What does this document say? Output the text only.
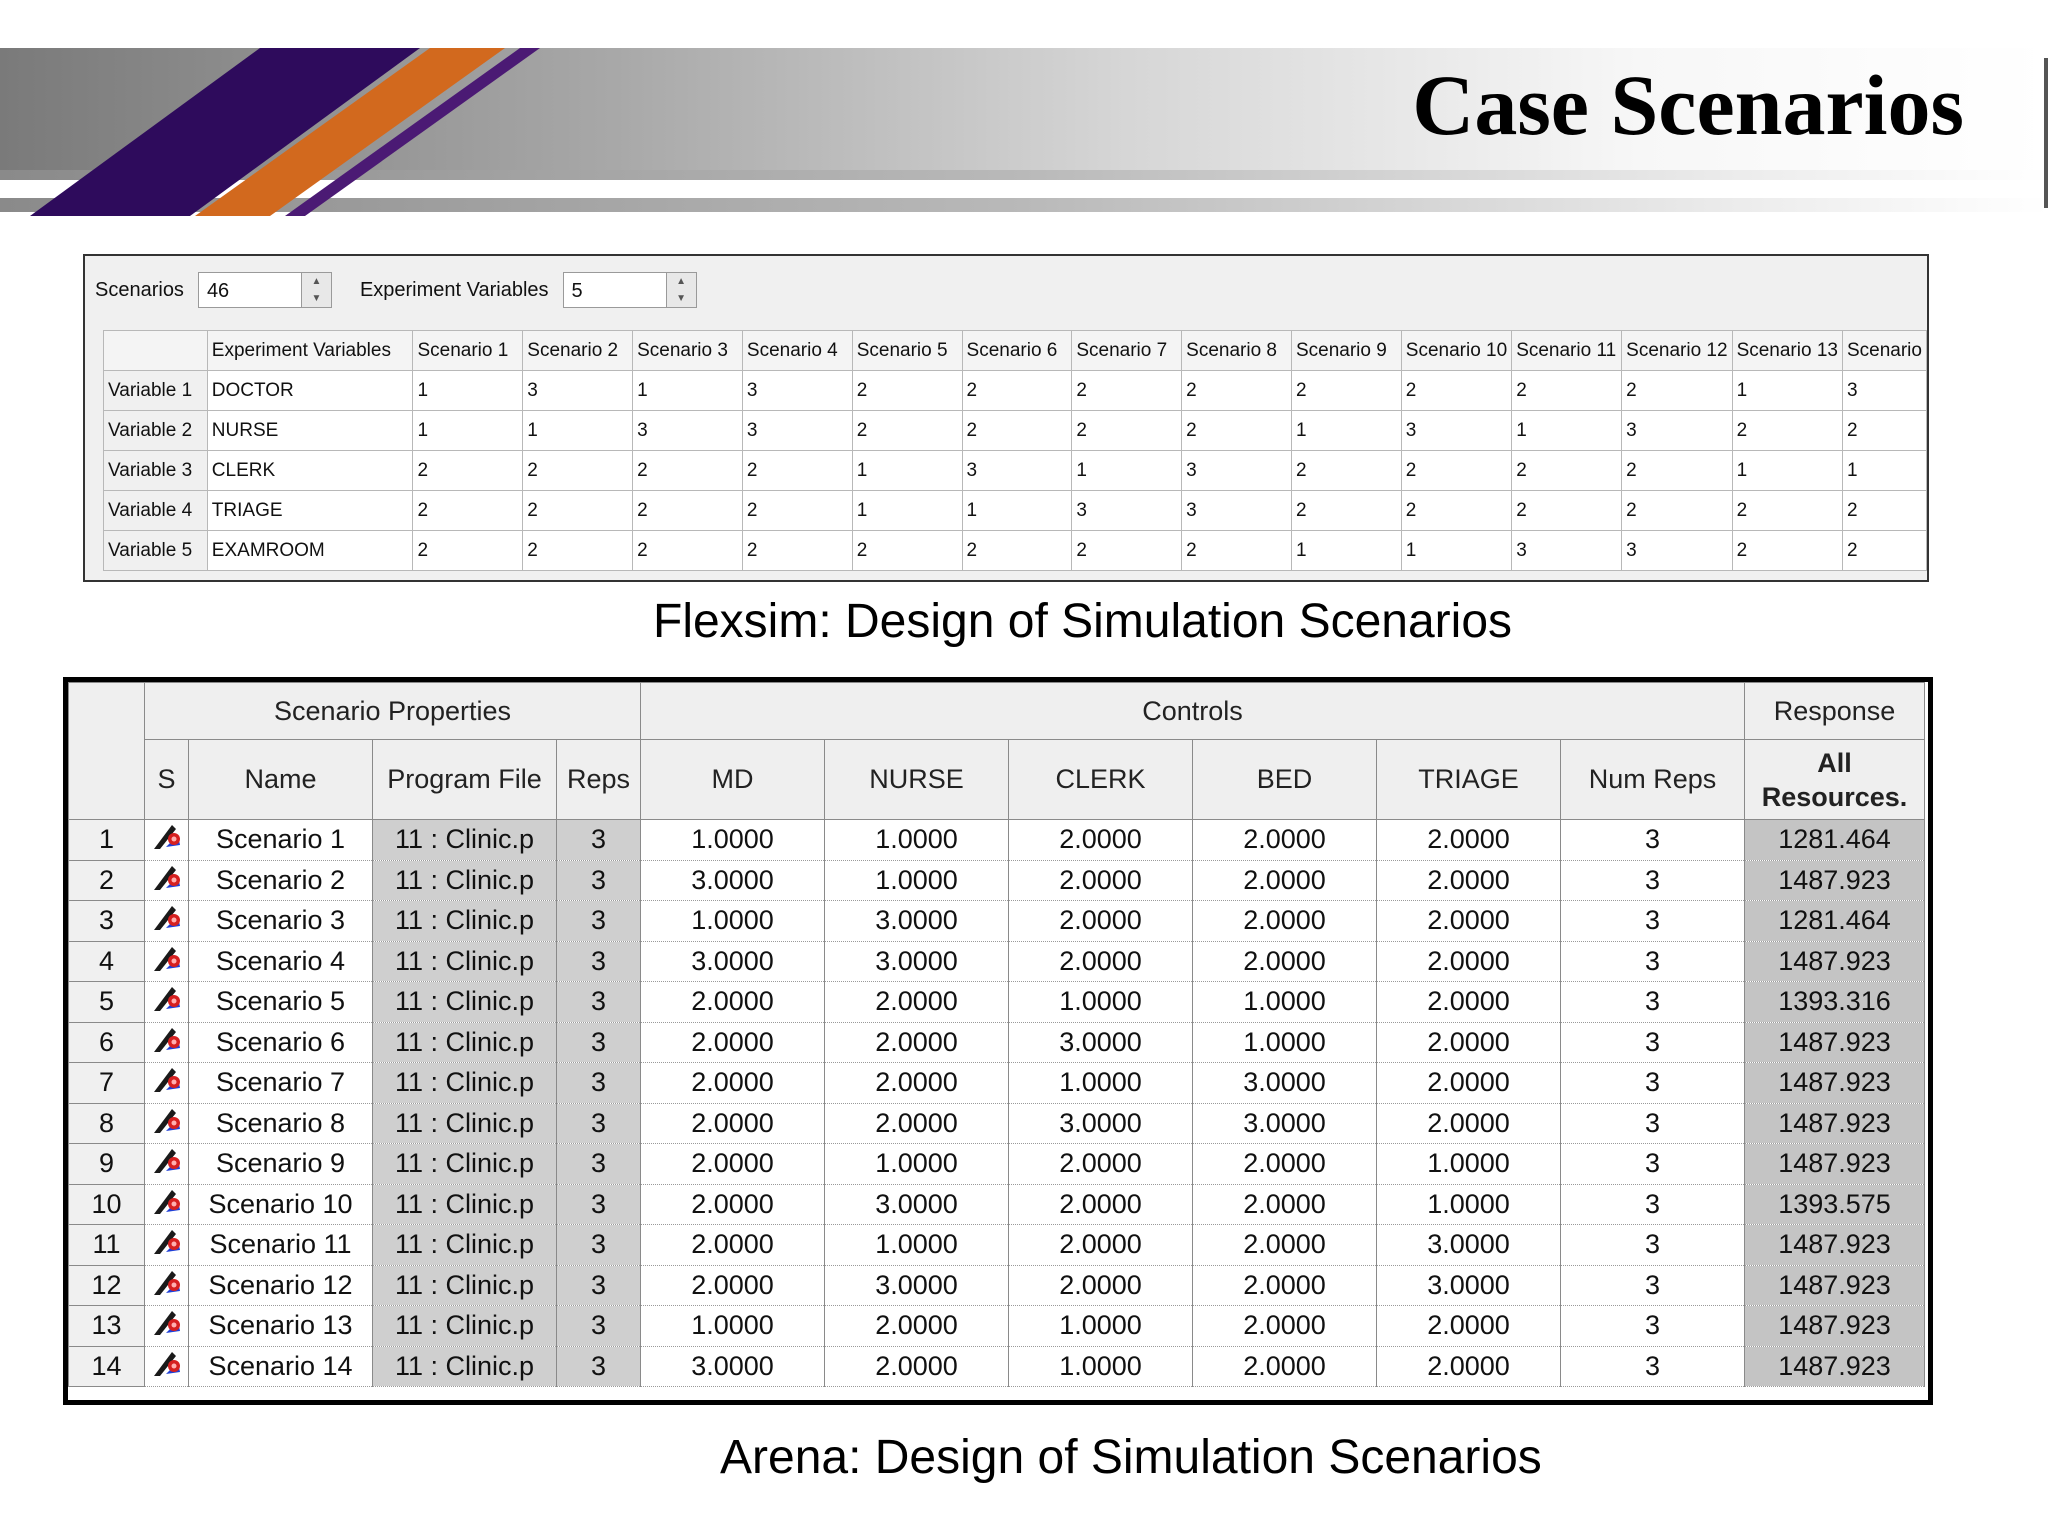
Case Scenarios
Scenarios	46	▲
▼	Experiment Variables	5	▲
▼
	Experiment Variables	Scenario 1	Scenario 2	Scenario 3	Scenario 4	Scenario 5	Scenario 6	Scenario 7	Scenario 8	Scenario 9	Scenario 10	Scenario 11	Scenario 12	Scenario 13	Scenario
Variable 1	DOCTOR	1	3	1	3	2	2	2	2	2	2	2	2	1	3
Variable 2	NURSE	1	1	3	3	2	2	2	2	1	3	1	3	2	2
Variable 3	CLERK	2	2	2	2	1	3	1	3	2	2	2	2	1	1
Variable 4	TRIAGE	2	2	2	2	1	1	3	3	2	2	2	2	2	2
Variable 5	EXAMROOM	2	2	2	2	2	2	2	2	1	1	3	3	2	2
Flexsim: Design of Simulation Scenarios
	Scenario Properties				Controls						Response
	S	Name	Program File	Reps	MD	NURSE	CLERK	BED	TRIAGE	Num Reps	All
Resources.
1		Scenario 1	11 : Clinic.p	3	1.0000	1.0000	2.0000	2.0000	2.0000	3	1281.464
2		Scenario 2	11 : Clinic.p	3	3.0000	1.0000	2.0000	2.0000	2.0000	3	1487.923
3		Scenario 3	11 : Clinic.p	3	1.0000	3.0000	2.0000	2.0000	2.0000	3	1281.464
4		Scenario 4	11 : Clinic.p	3	3.0000	3.0000	2.0000	2.0000	2.0000	3	1487.923
5		Scenario 5	11 : Clinic.p	3	2.0000	2.0000	1.0000	1.0000	2.0000	3	1393.316
6		Scenario 6	11 : Clinic.p	3	2.0000	2.0000	3.0000	1.0000	2.0000	3	1487.923
7		Scenario 7	11 : Clinic.p	3	2.0000	2.0000	1.0000	3.0000	2.0000	3	1487.923
8		Scenario 8	11 : Clinic.p	3	2.0000	2.0000	3.0000	3.0000	2.0000	3	1487.923
9		Scenario 9	11 : Clinic.p	3	2.0000	1.0000	2.0000	2.0000	1.0000	3	1487.923
10		Scenario 10	11 : Clinic.p	3	2.0000	3.0000	2.0000	2.0000	1.0000	3	1393.575
11		Scenario 11	11 : Clinic.p	3	2.0000	1.0000	2.0000	2.0000	3.0000	3	1487.923
12		Scenario 12	11 : Clinic.p	3	2.0000	3.0000	2.0000	2.0000	3.0000	3	1487.923
13		Scenario 13	11 : Clinic.p	3	1.0000	2.0000	1.0000	2.0000	2.0000	3	1487.923
14		Scenario 14	11 : Clinic.p	3	3.0000	2.0000	1.0000	2.0000	2.0000	3	1487.923
Arena: Design of Simulation Scenarios
